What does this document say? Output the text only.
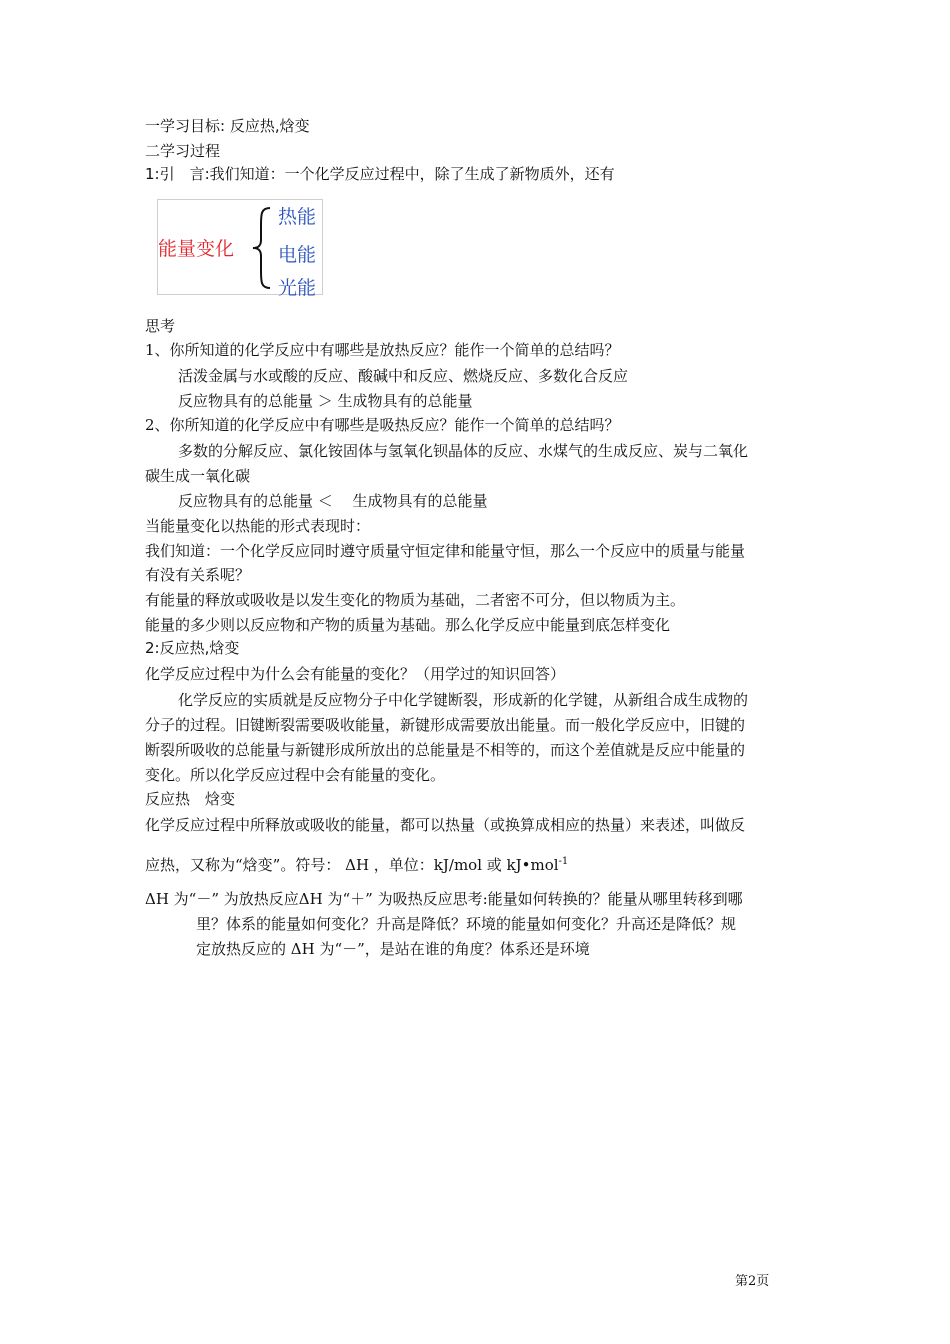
一学习目标: 反应热,焓变
二学习过程
1:引　言:我们知道：一个化学反应过程中，除了生成了新物质外，还有
能量变化
热能
电能
光能
思考
1、你所知道的化学反应中有哪些是放热反应？能作一个简单的总结吗？
活泼金属与水或酸的反应、酸碱中和反应、燃烧反应、多数化合反应
反应物具有的总能量 ＞ 生成物具有的总能量
2、你所知道的化学反应中有哪些是吸热反应？能作一个简单的总结吗？
多数的分解反应、氯化铵固体与氢氧化钡晶体的反应、水煤气的生成反应、炭与二氧化
碳生成一氧化碳
反应物具有的总能量 ＜　 生成物具有的总能量
当能量变化以热能的形式表现时：
我们知道：一个化学反应同时遵守质量守恒定律和能量守恒，那么一个反应中的质量与能量
有没有关系呢？
有能量的释放或吸收是以发生变化的物质为基础，二者密不可分，但以物质为主。
能量的多少则以反应物和产物的质量为基础。那么化学反应中能量到底怎样变化
2:反应热,焓变
化学反应过程中为什么会有能量的变化？（用学过的知识回答）
化学反应的实质就是反应物分子中化学键断裂，形成新的化学键，从新组合成生成物的
分子的过程。旧键断裂需要吸收能量，新键形成需要放出能量。而一般化学反应中，旧键的
断裂所吸收的总能量与新键形成所放出的总能量是不相等的，而这个差值就是反应中能量的
变化。所以化学反应过程中会有能量的变化。
反应热　焓变
化学反应过程中所释放或吸收的能量，都可以热量（或换算成相应的热量）来表述，叫做反
应热，又称为“焓变”。符号： ΔH ，单位：kJ/mol 或 kJ•mol$^{-1}$
ΔH 为“－” 为放热反应ΔH 为“＋” 为吸热反应思考:能量如何转换的？能量从哪里转移到哪
里？体系的能量如何变化？升高是降低？环境的能量如何变化？升高还是降低？规
定放热反应的 ΔH 为“－”，是站在谁的角度？体系还是环境
第2页
